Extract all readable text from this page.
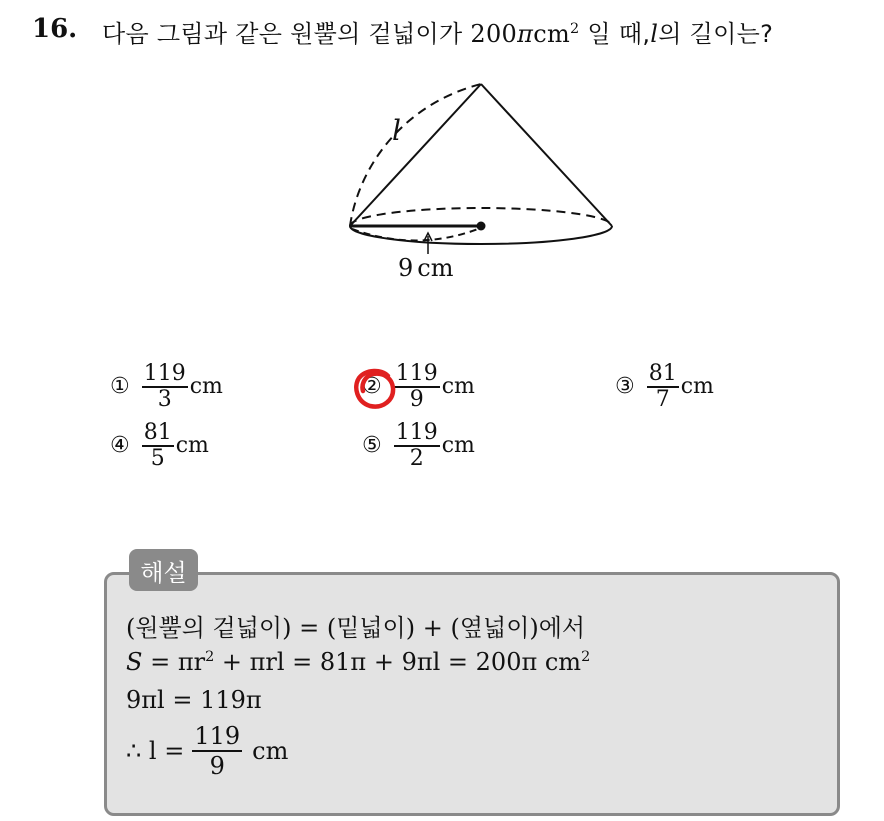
16. 다음 그림과 같은 원뿔의 겉넓이가 200πcm$^2$ 일 때,l의 길이는?
l
9 cm
① $\frac{119}{3}$ cm	② $\frac{119}{9}$ cm	③ $\frac{81}{7}$ cm
④ $\frac{81}{5}$ cm	⑤ $\frac{119}{2}$ cm
해설
(원뿔의 겉넓이) = (밑넓이) + (옆넓이)에서
$S = \pi r^2 + \pi rl = 81\pi + 9\pi l = 200\pi$ $cm^2$
9πl = 119π
∴ $l = \frac{119}{9}$ cm
